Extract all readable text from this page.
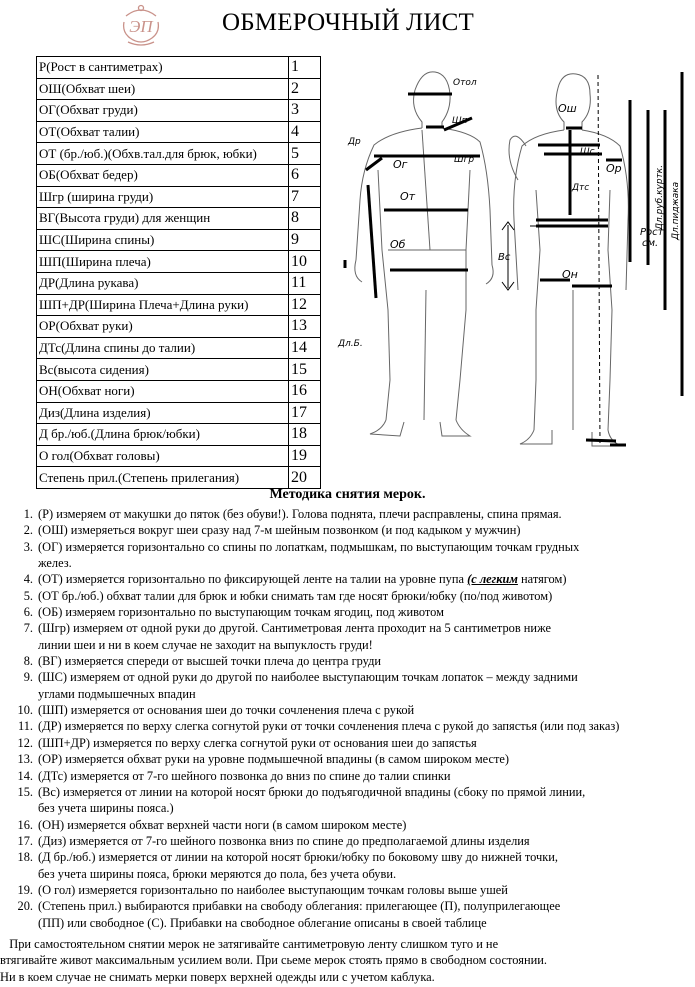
ЭП	ОБМЕРОЧНЫЙ ЛИСТ
Р(Рост в сантиметрах)	1
ОШ(Обхват шеи)	2
ОГ(Обхват груди)	3
ОТ(Обхват талии)	4
ОТ (бр./юб.)(Обхв.тал.для брюк, юбки)	5
ОБ(Обхват бедер)	6
Шгр (ширина груди)	7
ВГ(Высота груди) для женщин	8
ШС(Ширина спины)	9
ШП(Ширина плеча)	10
ДР(Длина рукава)	11
ШП+ДР(Ширина Плеча+Длина руки)	12
ОР(Обхват руки)	13
ДТс(Длина спины до талии)	14
Вс(высота сидения)	15
ОН(Обхват ноги)	16
Диз(Длина изделия)	17
Д бр./юб.(Длина брюк/юбки)	18
О гол(Обхват головы)	19
Степень прил.(Степень прилегания)	20
Отол
Шп
Др
Ог	Шгр
От
Об
Дл.Б.
Ош
Шс
Ор
Дтс
Вс
Он
Рост
см.
Дл.руб.куртк. Дл.пиджака
Методика снятия мерок.
1. (Р) измеряем от макушки до пяток (без обуви!). Голова поднята, плечи расправлены, спина прямая.
2. (ОШ) измеряеться вокруг шеи сразу над 7-м шейным позвонком (и под кадыком у мужчин)
3. (ОГ) измеряется горизонтально со спины по лопаткам, подмышкам, по выступающим точкам грудных
желез.
4. (ОТ) измеряется горизонтально по фиксирующей ленте на талии на уровне пупа (с легким натягом)
5. (ОТ бр./юб.) обхват талии для брюк и юбки снимать там где носят брюки/юбку (по/под животом)
6. (ОБ) измеряем горизонтально по выступающим точкам ягодиц, под животом
7. (Шгр) измеряем от одной руки до другой. Сантиметровая лента проходит на 5 сантиметров ниже
линии шеи и ни в коем случае не заходит на выпуклость груди!
8. (ВГ) измеряется спереди от высшей точки плеча до центра груди
9. (ШС) измеряем от одной руки до другой по наиболее выступающим точкам лопаток – между задними
углами подмышечных впадин
10. (ШП) измеряется от основания шеи до точки сочленения плеча с рукой
11. (ДР) измеряется по верху слегка согнутой руки от точки сочленения плеча с рукой до запястья (или под заказ)
12. (ШП+ДР) измеряется по верху слегка согнутой руки от основания шеи до запястья
13. (ОР) измеряется обхват руки на уровне подмышечной впадины (в самом широком месте)
14. (ДТс) измеряется от 7-го шейного позвонка до вниз по спине до талии спинки
15. (Вс) измеряется от линии на которой носят брюки до подъягодичной впадины (сбоку по прямой линии,
без учета ширины пояса.)
16. (ОН) измеряется обхват верхней части ноги (в самом широком месте)
17. (Диз) измеряется от 7-го шейного позвонка вниз по спине до предполагаемой длины изделия
18. (Д бр./юб.) измеряется от линии на которой носят брюки/юбку по боковому шву до нижней точки,
без учета ширины пояса, брюки меряются до пола, без учета обуви.
19. (О гол) измеряется горизонтально по наиболее выступающим точкам головы выше ушей
20. (Степень прил.) выбираются прибавки на свободу облегания: прилегающее (П), полуприлегающее
(ПП) или свободное (С). Прибавки на свободное облегание описаны в своей таблице
При самостоятельном снятии мерок не затягивайте сантиметровую ленту слишком туго и не
втягивайте живот максимальным усилием воли. При сьеме мерок стоять прямо в свободном состоянии.
Ни в коем случае не снимать мерки поверх верхней одежды или с учетом каблука.
